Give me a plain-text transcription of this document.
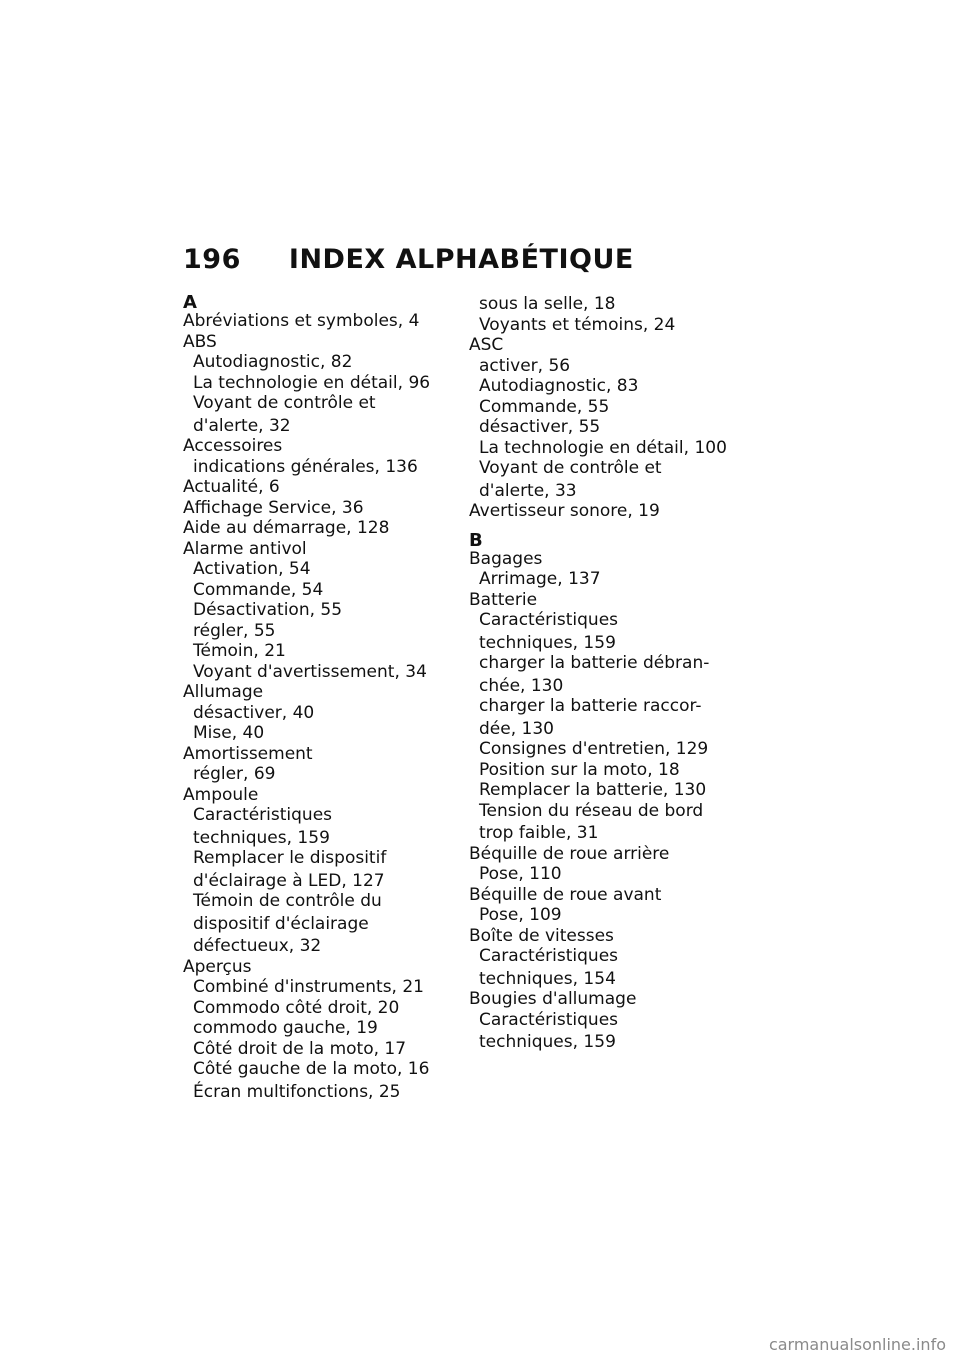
196 INDEX ALPHABÉTIQUE
A
Abréviations et symboles, 4
ABS
Autodiagnostic, 82
La technologie en détail, 96
Voyant de contrôle et
d'alerte, 32
Accessoires
indications générales, 136
Actualité, 6
Affichage Service, 36
Aide au démarrage, 128
Alarme antivol
Activation, 54
Commande, 54
Désactivation, 55
régler, 55
Témoin, 21
Voyant d'avertissement, 34
Allumage
désactiver, 40
Mise, 40
Amortissement
régler, 69
Ampoule
Caractéristiques
techniques, 159
Remplacer le dispositif
d'éclairage à LED, 127
Témoin de contrôle du
dispositif d'éclairage
défectueux, 32
Aperçus
Combiné d'instruments, 21
Commodo côté droit, 20
commodo gauche, 19
Côté droit de la moto, 17
Côté gauche de la moto, 16
Écran multifonctions, 25
sous la selle, 18
Voyants et témoins, 24
ASC
activer, 56
Autodiagnostic, 83
Commande, 55
désactiver, 55
La technologie en détail, 100
Voyant de contrôle et
d'alerte, 33
Avertisseur sonore, 19
B
Bagages
Arrimage, 137
Batterie
Caractéristiques
techniques, 159
charger la batterie débran-
chée, 130
charger la batterie raccor-
dée, 130
Consignes d'entretien, 129
Position sur la moto, 18
Remplacer la batterie, 130
Tension du réseau de bord
trop faible, 31
Béquille de roue arrière
Pose, 110
Béquille de roue avant
Pose, 109
Boîte de vitesses
Caractéristiques
techniques, 154
Bougies d'allumage
Caractéristiques
techniques, 159
carmanualsonline.info
